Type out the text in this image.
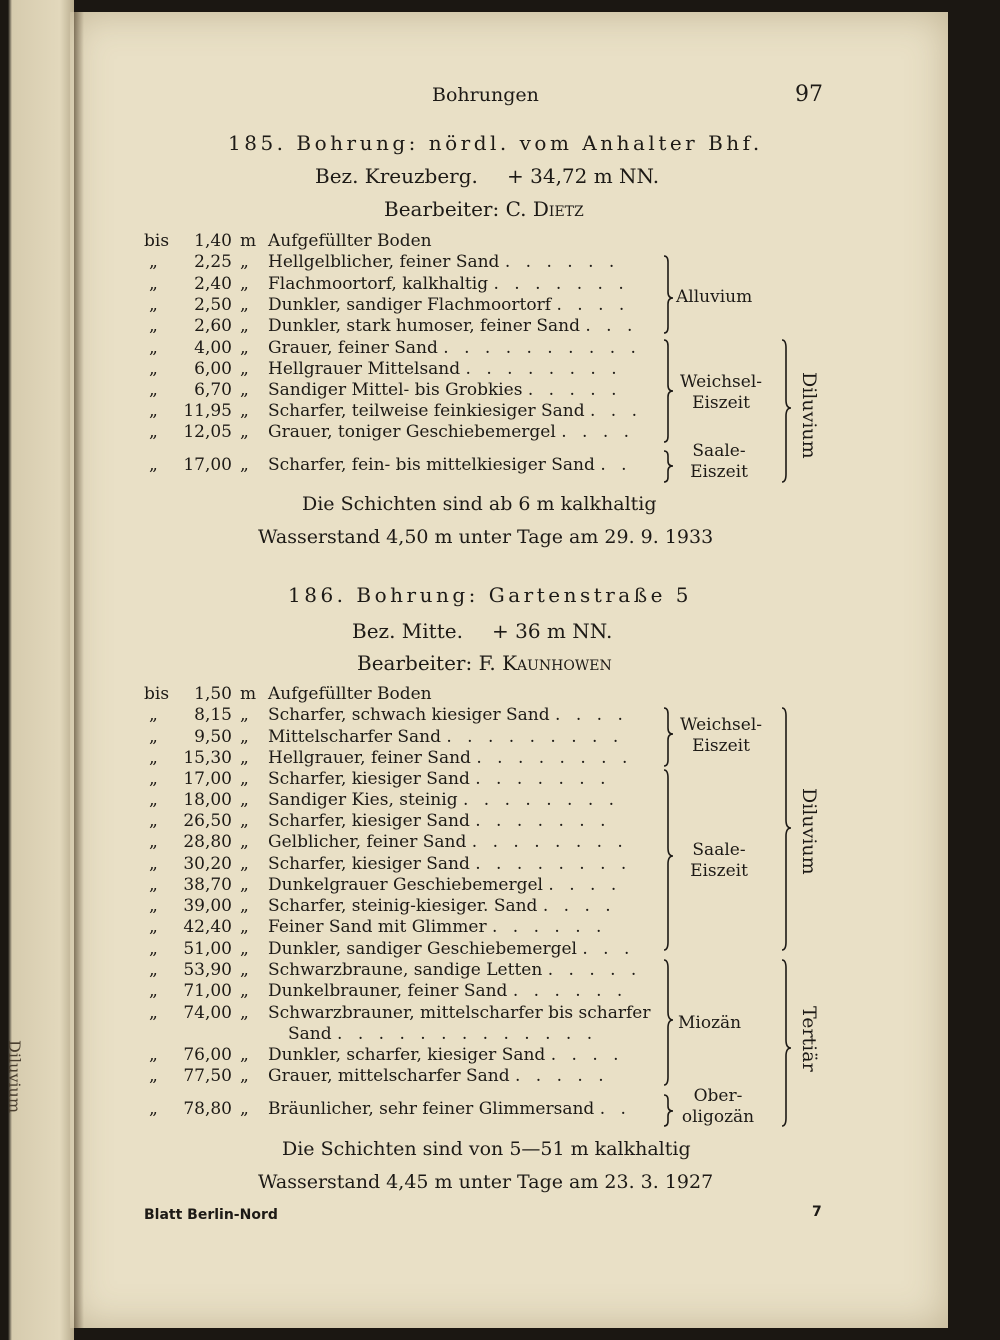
Diluvium
Bohrungen	97
185. Bohrung: nördl. vom Anhalter Bhf.
Bez. Kreuzberg. + 34,72 m NN.
Bearbeiter: C. Dietz
bis	1,40 m Aufgefüllter Boden
„	2,25 „ Hellgelblicher, feiner Sand . . . . . .
„	2,40 „ Flachmoortorf, kalkhaltig . . . . . . .
„	2,50 „ Dunkler, sandiger Flachmoortorf . . . .
„	2,60 „ Dunkler, stark humoser, feiner Sand . . .
„	4,00 „ Grauer, feiner Sand . . . . . . . . . .
„	6,00 „ Hellgrauer Mittelsand . . . . . . . .
„	6,70 „ Sandiger Mittel- bis Grobkies . . . . .
„	11,95 „ Scharfer, teilweise feinkiesiger Sand . . .
„	12,05 „ Grauer, toniger Geschiebemergel . . . .
„	17,00 „ Scharfer, fein- bis mittelkiesiger Sand . .
Alluvium
Weichsel-
Eiszeit
Saale-
Eiszeit
Diluvium
Die Schichten sind ab 6 m kalkhaltig
Wasserstand 4,50 m unter Tage am 29. 9. 1933
186. Bohrung: Gartenstraße 5
Bez. Mitte. + 36 m NN.
Bearbeiter: F. Kaunhowen
bis	1,50 m Aufgefüllter Boden
„	8,15 „ Scharfer, schwach kiesiger Sand . . . .
„	9,50 „ Mittelscharfer Sand . . . . . . . . .
„	15,30 „ Hellgrauer, feiner Sand . . . . . . . .
„	17,00 „ Scharfer, kiesiger Sand . . . . . . .
„	18,00 „ Sandiger Kies, steinig . . . . . . . .
„	26,50 „ Scharfer, kiesiger Sand . . . . . . .
„	28,80 „ Gelblicher, feiner Sand . . . . . . . .
„	30,20 „ Scharfer, kiesiger Sand . . . . . . . .
„	38,70 „ Dunkelgrauer Geschiebemergel . . . .
„	39,00 „ Scharfer, steinig-kiesiger. Sand . . . .
„	42,40 „ Feiner Sand mit Glimmer . . . . . .
„	51,00 „ Dunkler, sandiger Geschiebemergel . . .
„	53,90 „ Schwarzbraune, sandige Letten . . . . .
„	71,00 „ Dunkelbrauner, feiner Sand . . . . . .
„	74,00 „ Schwarzbrauner, mittelscharfer bis scharfer
Sand . . . . . . . . . . . . .
„	76,00 „ Dunkler, scharfer, kiesiger Sand . . . .
„	77,50 „ Grauer, mittelscharfer Sand . . . . .
„	78,80 „ Bräunlicher, sehr feiner Glimmersand . .
Weichsel-
Eiszeit
Saale-
Eiszeit
Miozän
Ober-
oligozän
Diluvium
Tertiär
Die Schichten sind von 5—51 m kalkhaltig
Wasserstand 4,45 m unter Tage am 23. 3. 1927
Blatt Berlin-Nord	7
